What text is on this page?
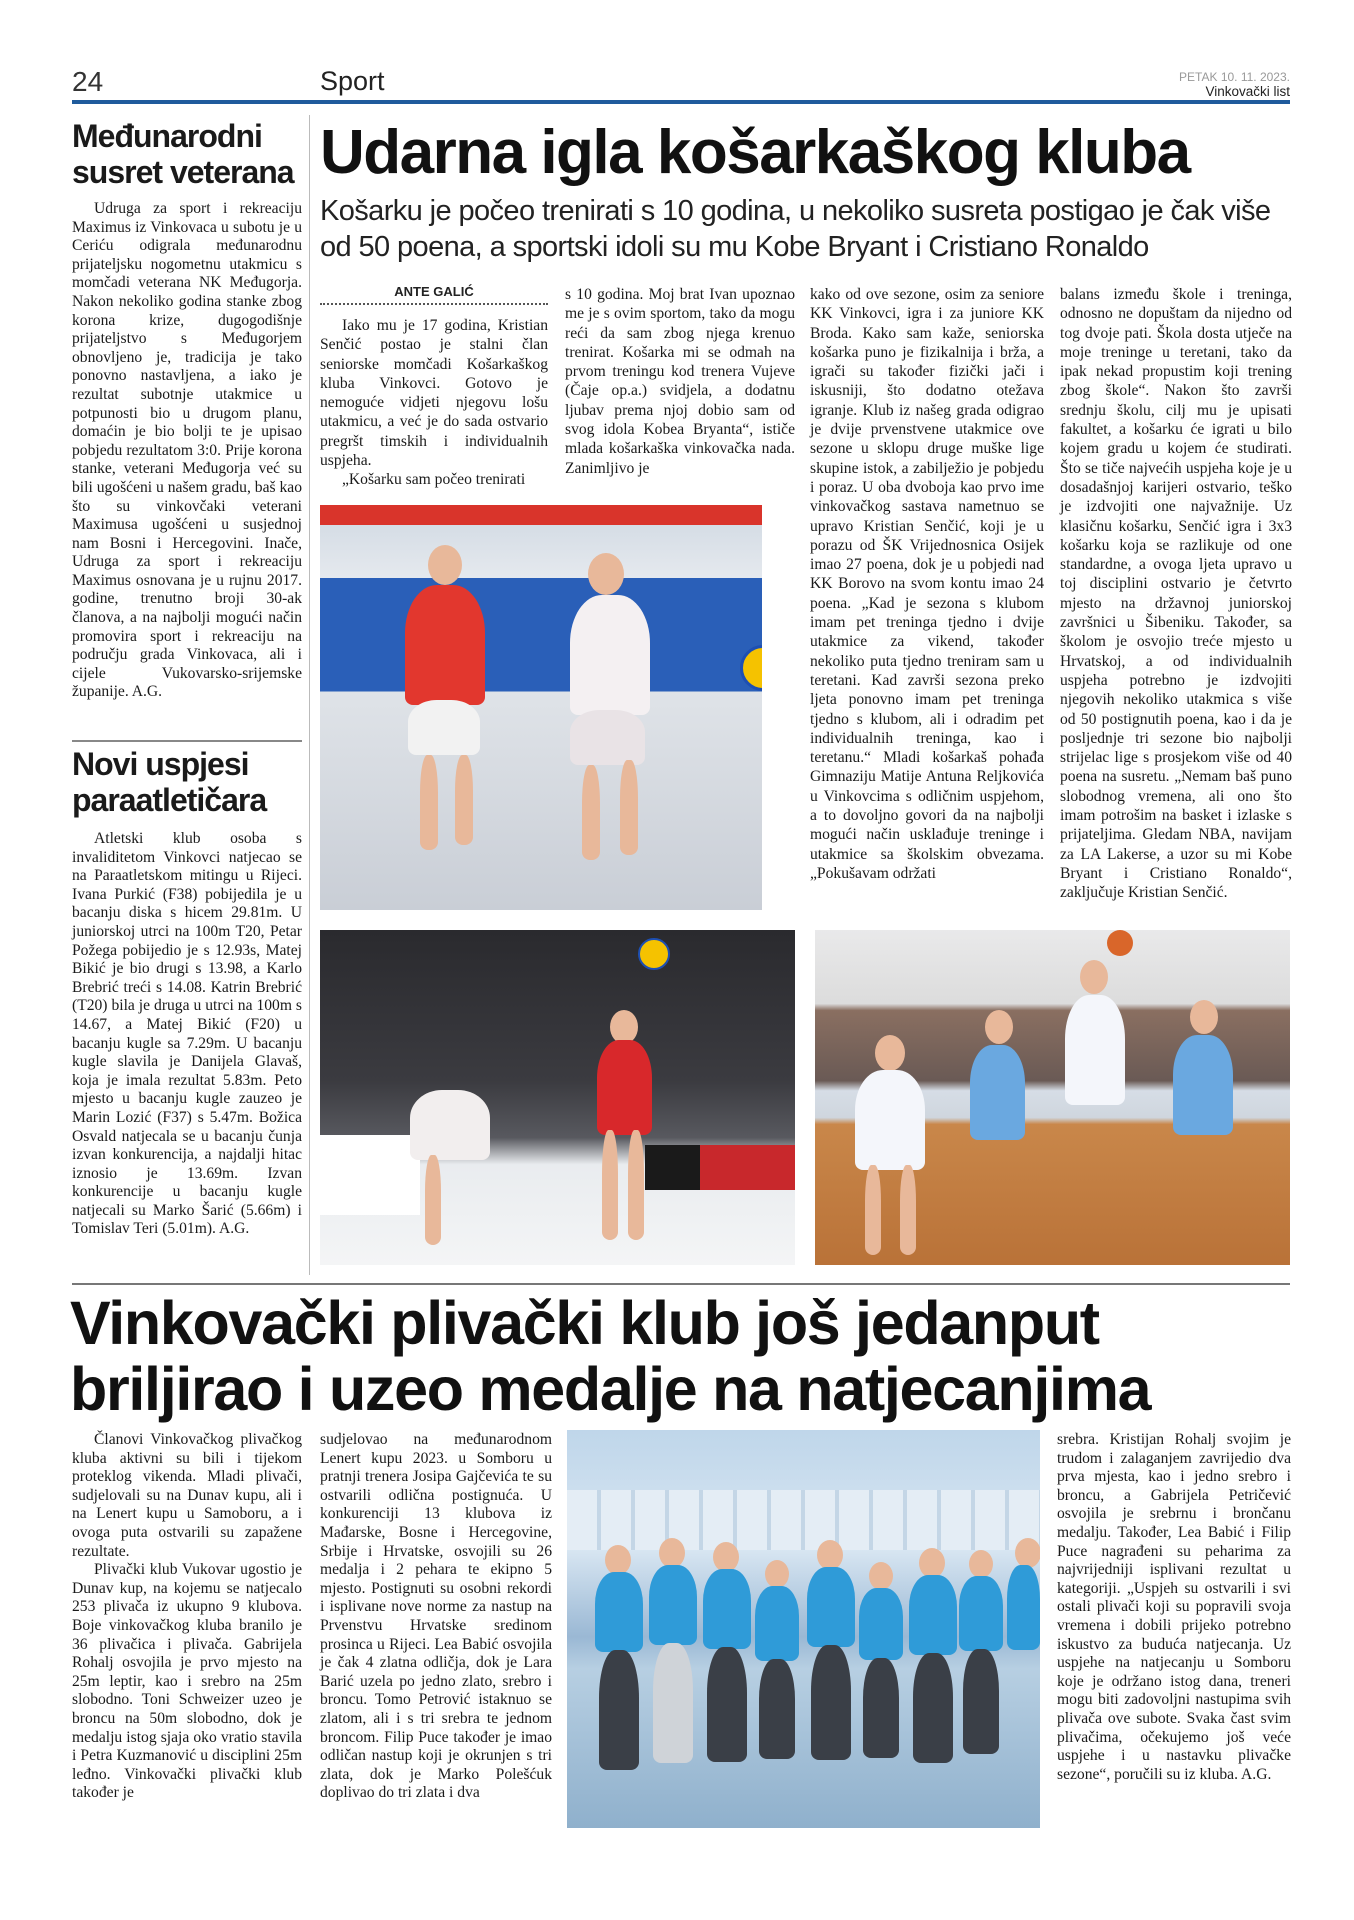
24	Sport	PETAK 10. 11. 2023.
Vinkovački list
Međunarodni
susret veterana

Udruga za sport i rekreaciju Maximus iz Vinkovaca u subotu je u Ceriću odigrala međunarodnu prijateljsku nogometnu utakmicu s momčadi veterana NK Međugorja. Nakon nekoliko godina stanke zbog korona krize, dugogodišnje prijateljstvo s Međugorjem obnovljeno je, tradicija je tako ponovno nastavljena, a iako je rezultat subotnje utakmice u potpunosti bio u drugom planu, domaćin je bio bolji te je upisao pobjedu rezultatom 3:0. Prije korona stanke, veterani Međugorja već su bili ugošćeni u našem gradu, baš kao što su vinkovčaki veterani Maximusa ugošćeni u susjednoj nam Bosni i Hercegovini. Inače, Udruga za sport i rekreaciju Maximus osnovana je u rujnu 2017. godine, trenutno broji 30-ak članova, a na najbolji mogući način promovira sport i rekreaciju na području grada Vinkovaca, ali i cijele Vukovarsko-srijemske županije. A.G.

Novi uspjesi
paraatletičara

Atletski klub osoba s invaliditetom Vinkovci natjecao se na Paraatletskom mitingu u Rijeci. Ivana Purkić (F38) pobijedila je u bacanju diska s hicem 29.81m. U juniorskoj utrci na 100m T20, Petar Požega pobijedio je s 12.93s, Matej Bikić je bio drugi s 13.98, a Karlo Brebrić treći s 14.08. Katrin Brebrić (T20) bila je druga u utrci na 100m s 14.67, a Matej Bikić (F20) u bacanju kugle sa 7.29m. U bacanju kugle slavila je Danijela Glavaš, koja je imala rezultat 5.83m. Peto mjesto u bacanju kugle zauzeo je Marin Lozić (F37) s 5.47m. Božica Osvald natjecala se u bacanju čunja izvan konkurencija, a najdalji hitac iznosio je 13.69m. Izvan konkurencije u bacanju kugle natjecali su Marko Šarić (5.66m) i Tomislav Teri (5.01m). A.G.

Udarna igla košarkaškog kluba
Košarku je počeo trenirati s 10 godina, u nekoliko susreta postigao je čak više od 50 poena, a sportski idoli su mu Kobe Bryant i Cristiano Ronaldo
ANTE GALIĆ

Iako mu je 17 godina, Kristian Senčić postao je stalni član seniorske momčadi Košarkaškog kluba Vinkovci. Gotovo je nemoguće vidjeti njegovu lošu utakmicu, a već je do sada ostvario pregršt timskih i individualnih uspjeha.

„Košarku sam počeo trenirati

s 10 godina. Moj brat Ivan upoznao me je s ovim sportom, tako da mogu reći da sam zbog njega krenuo trenirat. Košarka mi se odmah na prvom treningu kod trenera Vujeve (Čaje op.a.) svidjela, a dodatnu ljubav prema njoj dobio sam od svog idola Kobea Bryanta“, ističe mlada košarkaška vinkovačka nada. Zanimljivo je

kako od ove sezone, osim za seniore KK Vinkovci, igra i za juniore KK Broda. Kako sam kaže, seniorska košarka puno je fizikalnija i brža, a igrači su također fizički jači i iskusniji, što dodatno otežava igranje. Klub iz našeg grada odigrao je dvije prvenstvene utakmice ove sezone u sklopu druge muške lige skupine istok, a zabilježio je pobjedu i poraz. U oba dvoboja kao prvo ime vinkovačkog sastava nametnuo se upravo Kristian Senčić, koji je u porazu od ŠK Vrijednosnica Osijek imao 27 poena, dok je u pobjedi nad KK Borovo na svom kontu imao 24 poena. „Kad je sezona s klubom imam pet treninga tjedno i dvije utakmice za vikend, također nekoliko puta tjedno treniram sam u teretani. Kad završi sezona preko ljeta ponovno imam pet treninga tjedno s klubom, ali i odradim pet individualnih treninga, kao i teretanu.“ Mladi košarkaš pohađa Gimnaziju Matije Antuna Reljkovića u Vinkovcima s odličnim uspjehom, a to dovoljno govori da na najbolji mogući način usklađuje treninge i utakmice sa školskim obvezama. „Pokušavam održati

balans između škole i treninga, odnosno ne dopuštam da nijedno od tog dvoje pati. Škola dosta utječe na moje treninge u teretani, tako da ipak nekad propustim koji trening zbog škole“. Nakon što završi srednju školu, cilj mu je upisati fakultet, a košarku će igrati u bilo kojem gradu u kojem će studirati. Što se tiče najvećih uspjeha koje je u dosadašnjoj karijeri ostvario, teško je izdvojiti one najvažnije. Uz klasičnu košarku, Senčić igra i 3x3 košarku koja se razlikuje od one standardne, a ovoga ljeta upravo u toj disciplini ostvario je četvrto mjesto na državnoj juniorskoj završnici u Šibeniku. Također, sa školom je osvojio treće mjesto u Hrvatskoj, a od individualnih uspjeha potrebno je izdvojiti njegovih nekoliko utakmica s više od 50 postignutih poena, kao i da je posljednje tri sezone bio najbolji strijelac lige s prosjekom više od 40 poena na susretu. „Nemam baš puno slobodnog vremena, ali ono što imam potrošim na basket i izlaske s prijateljima. Gledam NBA, navijam za LA Lakerse, a uzor su mi Kobe Bryant i Cristiano Ronaldo“, zaključuje Kristian Senčić.

Vinkovački plivački klub još jedanput
briljirao i uzeo medalje na natjecanjima

Članovi Vinkovačkog plivačkog kluba aktivni su bili i tijekom proteklog vikenda. Mladi plivači, sudjelovali su na Dunav kupu, ali i na Lenert kupu u Samoboru, a i ovoga puta ostvarili su zapažene rezultate.

Plivački klub Vukovar ugostio je Dunav kup, na kojemu se natjecalo 253 plivača iz ukupno 9 klubova. Boje vinkovačkog kluba branilo je 36 plivačica i plivača. Gabrijela Rohalj osvojila je prvo mjesto na 25m leptir, kao i srebro na 25m slobodno. Toni Schweizer uzeo je broncu na 50m slobodno, dok je medalju istog sjaja oko vratio stavila i Petra Kuzmanović u disciplini 25m leđno. Vinkovački plivački klub također je

sudjelovao na međunarodnom Lenert kupu 2023. u Somboru u pratnji trenera Josipa Gajčevića te su ostvarili odlična postignuća. U konkurenciji 13 klubova iz Mađarske, Bosne i Hercegovine, Srbije i Hrvatske, osvojili su 26 medalja i 2 pehara te ekipno 5 mjesto. Postignuti su osobni rekordi i isplivane nove norme za nastup na Prvenstvu Hrvatske sredinom prosinca u Rijeci. Lea Babić osvojila je čak 4 zlatna odličja, dok je Lara Barić uzela po jedno zlato, srebro i broncu. Tomo Petrović istaknuo se zlatom, ali i s tri srebra te jednom broncom. Filip Puce također je imao odličan nastup koji je okrunjen s tri zlata, dok je Marko Polešćuk doplivao do tri zlata i dva

srebra. Kristijan Rohalj svojim je trudom i zalaganjem zavrijedio dva prva mjesta, kao i jedno srebro i broncu, a Gabrijela Petričević osvojila je srebrnu i brončanu medalju. Također, Lea Babić i Filip Puce nagrađeni su peharima za najvrijedniji isplivani rezultat u kategoriji. „Uspjeh su ostvarili i svi ostali plivači koji su popravili svoja vremena i dobili prijeko potrebno iskustvo za buduća natjecanja. Uz uspjehe na natjecanju u Somboru koje je održano istog dana, treneri mogu biti zadovoljni nastupima svih plivača ove subote. Svaka čast svim plivačima, očekujemo još veće uspjehe i u nastavku plivačke sezone“, poručili su iz kluba. A.G.
